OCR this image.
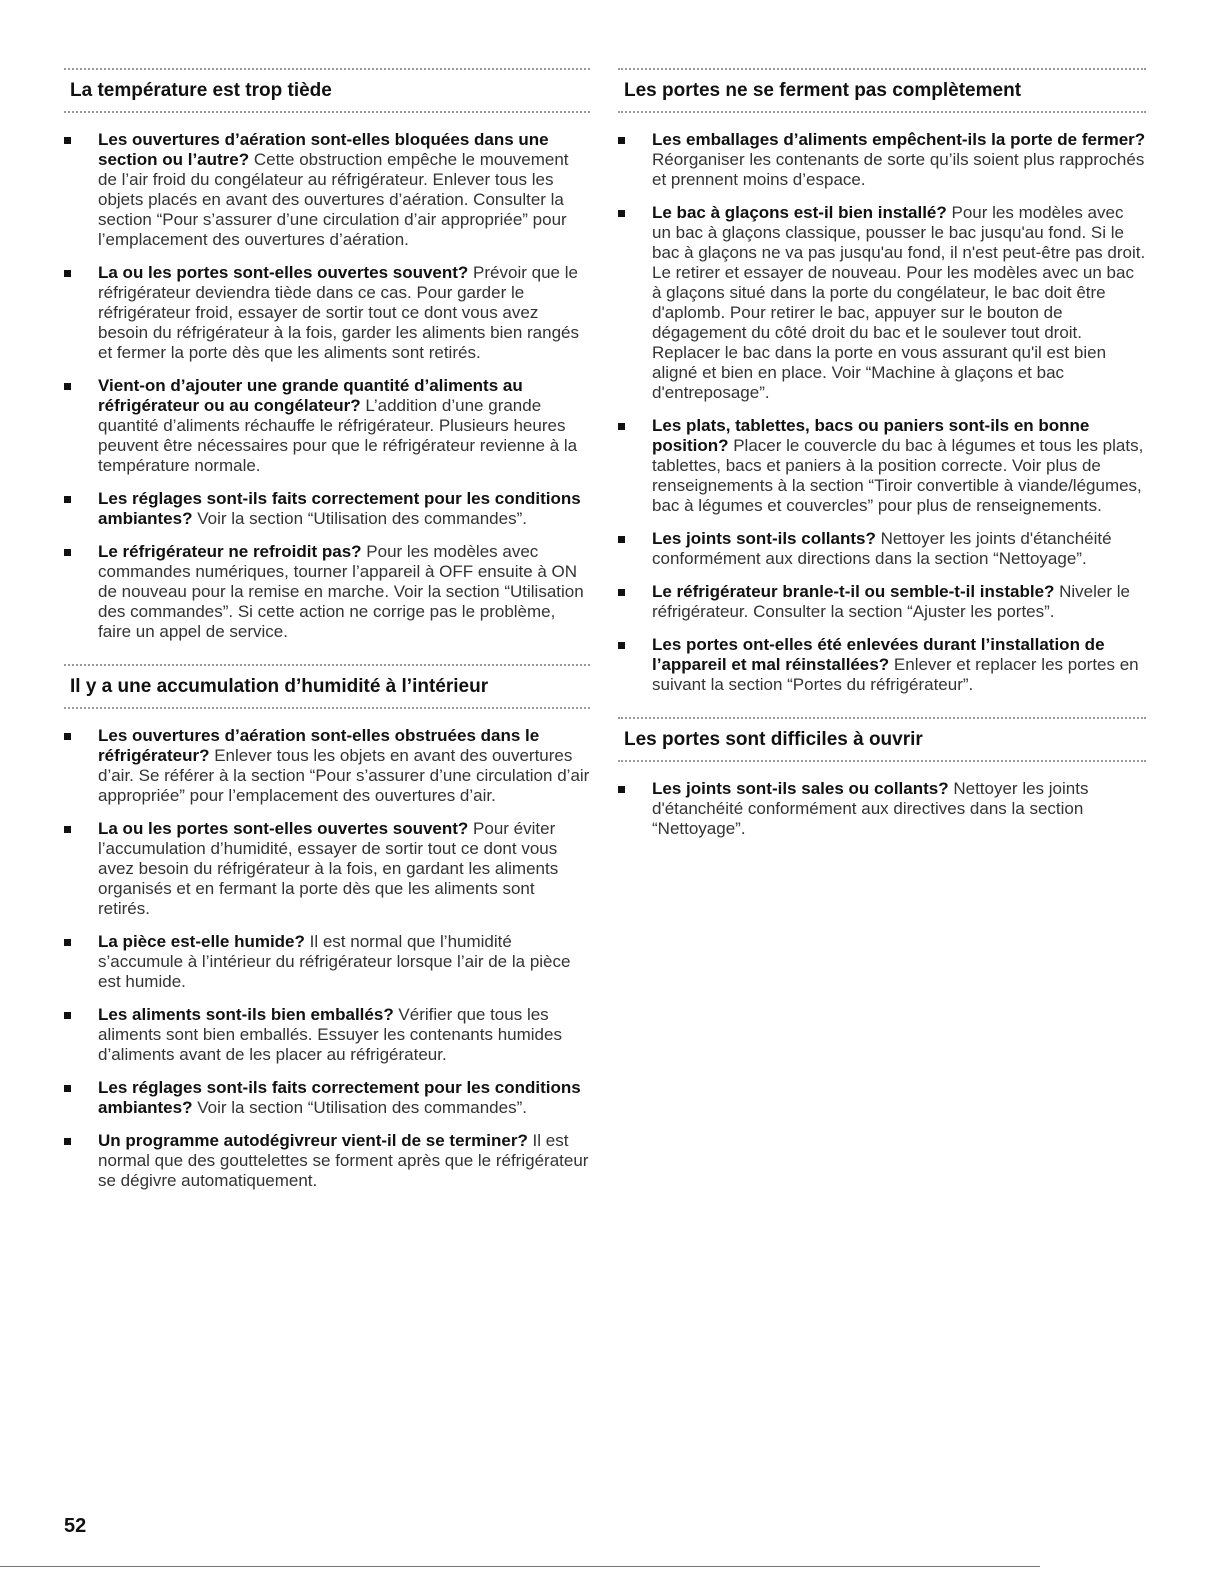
La température est trop tiède

Les ouvertures d’aération sont-elles bloquées dans une section ou l’autre? Cette obstruction empêche le mouvement de l’air froid du congélateur au réfrigérateur. Enlever tous les objets placés en avant des ouvertures d’aération. Consulter la section “Pour s’assurer d’une circulation d’air appropriée” pour l’emplacement des ouvertures d’aération.

La ou les portes sont-elles ouvertes souvent? Prévoir que le réfrigérateur deviendra tiède dans ce cas. Pour garder le réfrigérateur froid, essayer de sortir tout ce dont vous avez besoin du réfrigérateur à la fois, garder les aliments bien rangés et fermer la porte dès que les aliments sont retirés.

Vient-on d’ajouter une grande quantité d’aliments au réfrigérateur ou au congélateur? L’addition d’une grande quantité d’aliments réchauffe le réfrigérateur. Plusieurs heures peuvent être nécessaires pour que le réfrigérateur revienne à la température normale.

Les réglages sont-ils faits correctement pour les conditions ambiantes? Voir la section “Utilisation des commandes”.

Le réfrigérateur ne refroidit pas? Pour les modèles avec commandes numériques, tourner l’appareil à OFF ensuite à ON de nouveau pour la remise en marche. Voir la section “Utilisation des commandes”. Si cette action ne corrige pas le problème, faire un appel de service.

Il y a une accumulation d’humidité à l’intérieur

Les ouvertures d’aération sont-elles obstruées dans le réfrigérateur? Enlever tous les objets en avant des ouvertures d’air. Se référer à la section “Pour s’assurer d’une circulation d’air appropriée” pour l’emplacement des ouvertures d’air.

La ou les portes sont-elles ouvertes souvent? Pour éviter l’accumulation d’humidité, essayer de sortir tout ce dont vous avez besoin du réfrigérateur à la fois, en gardant les aliments organisés et en fermant la porte dès que les aliments sont retirés.

La pièce est-elle humide? Il est normal que l’humidité s’accumule à l’intérieur du réfrigérateur lorsque l’air de la pièce est humide.

Les aliments sont-ils bien emballés? Vérifier que tous les aliments sont bien emballés. Essuyer les contenants humides d’aliments avant de les placer au réfrigérateur.

Les réglages sont-ils faits correctement pour les conditions ambiantes? Voir la section “Utilisation des commandes”.

Un programme autodégivreur vient-il de se terminer? Il est normal que des gouttelettes se forment après que le réfrigérateur se dégivre automatiquement.

Les portes ne se ferment pas complètement

Les emballages d’aliments empêchent-ils la porte de fermer? Réorganiser les contenants de sorte qu’ils soient plus rapprochés et prennent moins d’espace.

Le bac à glaçons est-il bien installé? Pour les modèles avec un bac à glaçons classique, pousser le bac jusqu'au fond. Si le bac à glaçons ne va pas jusqu'au fond, il n'est peut-être pas droit. Le retirer et essayer de nouveau. Pour les modèles avec un bac à glaçons situé dans la porte du congélateur, le bac doit être d'aplomb. Pour retirer le bac, appuyer sur le bouton de dégagement du côté droit du bac et le soulever tout droit. Replacer le bac dans la porte en vous assurant qu'il est bien aligné et bien en place. Voir “Machine à glaçons et bac d'entreposage”.

Les plats, tablettes, bacs ou paniers sont-ils en bonne position? Placer le couvercle du bac à légumes et tous les plats, tablettes, bacs et paniers à la position correcte. Voir plus de renseignements à la section “Tiroir convertible à viande/légumes, bac à légumes et couvercles” pour plus de renseignements.

Les joints sont-ils collants? Nettoyer les joints d'étanchéité conformément aux directions dans la section “Nettoyage”.

Le réfrigérateur branle-t-il ou semble-t-il instable? Niveler le réfrigérateur. Consulter la section “Ajuster les portes”.

Les portes ont-elles été enlevées durant l’installation de l’appareil et mal réinstallées? Enlever et replacer les portes en suivant la section “Portes du réfrigérateur”.

Les portes sont difficiles à ouvrir

Les joints sont-ils sales ou collants? Nettoyer les joints d'étanchéité conformément aux directives dans la section “Nettoyage”.

52
